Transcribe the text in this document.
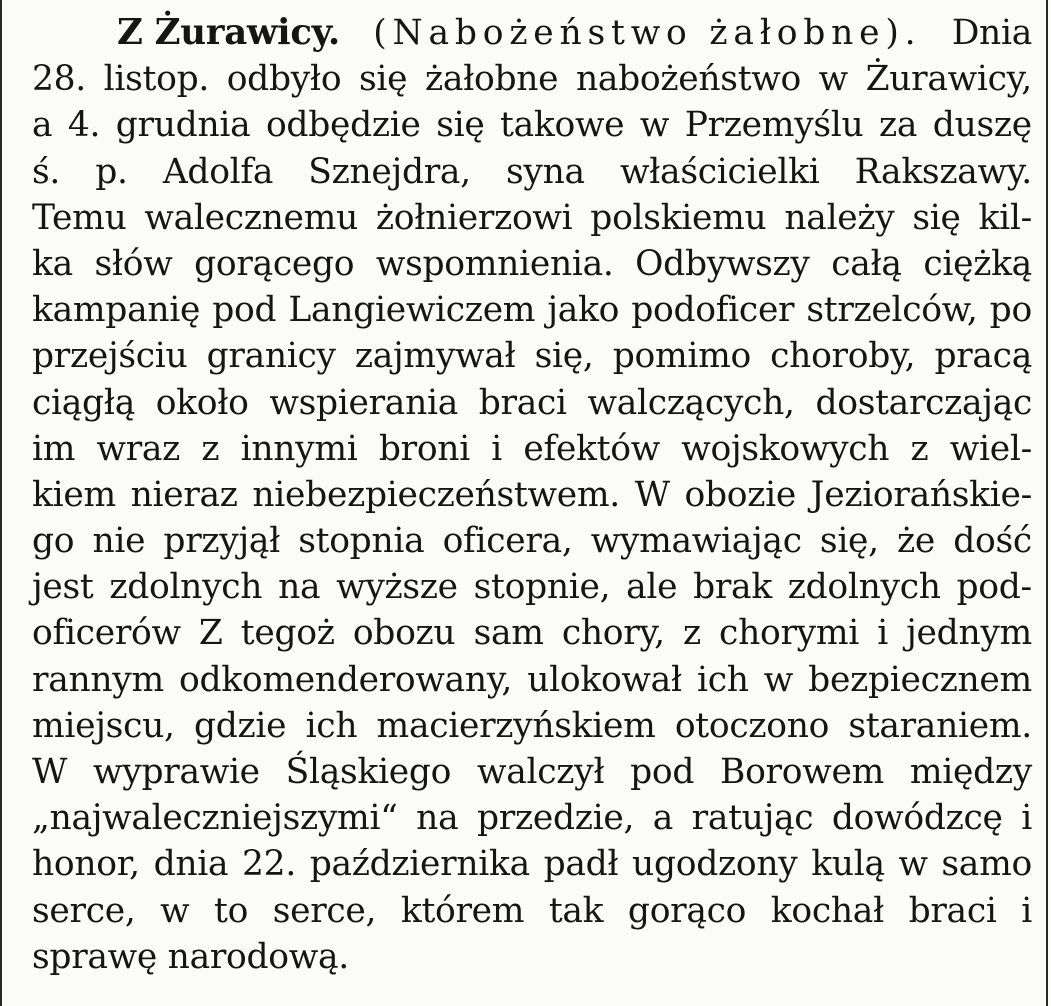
Z Żurawicy. (Nabożeństwo żałobne). Dnia
28. listop. odbyło się żałobne nabożeństwo w Żurawicy,
a 4. grudnia odbędzie się takowe w Przemyślu za duszę
ś. p. Adolfa Sznejdra, syna właścicielki Rakszawy.
Temu walecznemu żołnierzowi polskiemu należy się kil-
ka słów gorącego wspomnienia. Odbywszy całą ciężką
kampanię pod Langiewiczem jako podoficer strzelców, po
przejściu granicy zajmywał się, pomimo choroby, pracą
ciągłą około wspierania braci walczących, dostarczając
im wraz z innymi broni i efektów wojskowych z wiel-
kiem nieraz niebezpieczeństwem. W obozie Jeziorańskie-
go nie przyjął stopnia oficera, wymawiając się, że dość
jest zdolnych na wyższe stopnie, ale brak zdolnych pod-
oficerów Z tegoż obozu sam chory, z chorymi i jednym
rannym odkomenderowany, ulokował ich w bezpiecznem
miejscu, gdzie ich macierzyńskiem otoczono staraniem.
W wyprawie Śląskiego walczył pod Borowem między
„najwaleczniejszymi“ na przedzie, a ratując dowódzcę i
honor, dnia 22. października padł ugodzony kulą w samo
serce, w to serce, którem tak gorąco kochał braci i
sprawę narodową.
